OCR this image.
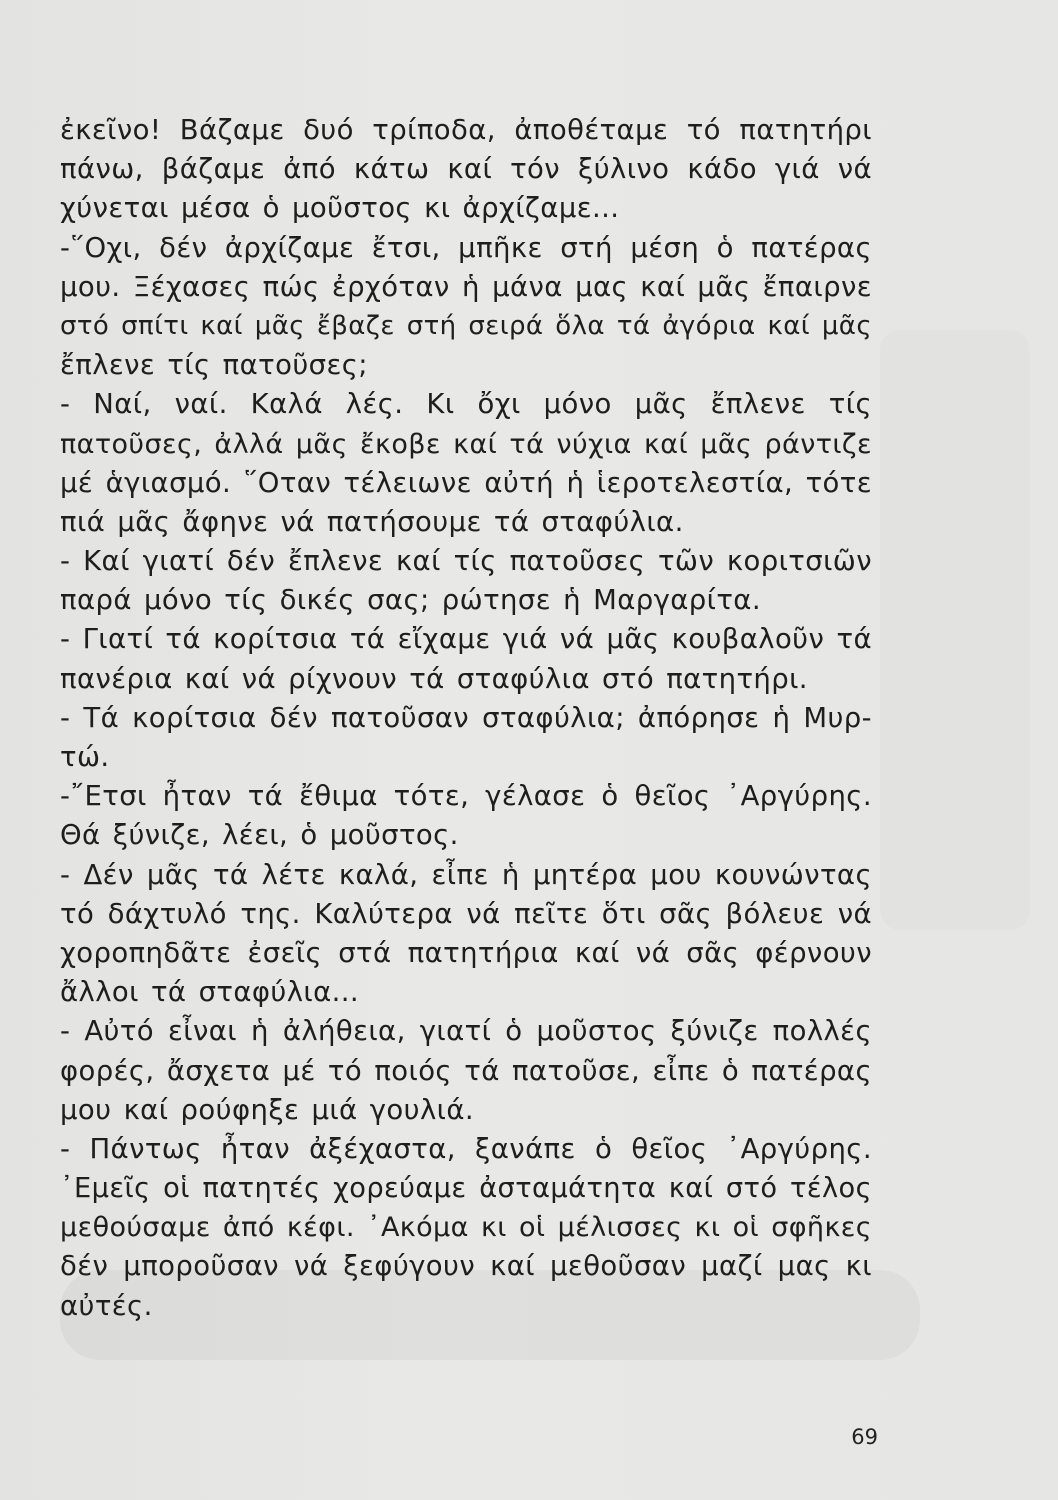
ἐκεῖνο! Βάζαμε δυό τρίποδα, ἀποθέταμε τό πατητήρι
πάνω, βάζαμε ἀπό κάτω καί τόν ξύλινο κάδο γιά νά
χύνεται μέσα ὁ μοῦστος κι ἀρχίζαμε...
-῞Οχι, δέν ἀρχίζαμε ἔτσι, μπῆκε στή μέση ὁ πατέρας
μου. Ξέχασες πώς ἐρχόταν ἡ μάνα μας καί μᾶς ἔπαιρνε
στό σπίτι καί μᾶς ἔβαζε στή σειρά ὅλα τά ἀγόρια καί μᾶς
ἔπλενε τίς πατοῦσες;
- Ναί, ναί. Καλά λές. Κι ὄχι μόνο μᾶς ἔπλενε τίς
πατοῦσες, ἀλλά μᾶς ἔκοβε καί τά νύχια καί μᾶς ράντιζε
μέ ἁγιασμό. ῞Οταν τέλειωνε αὐτή ἡ ἱεροτελεστία, τότε
πιά μᾶς ἄφηνε νά πατήσουμε τά σταφύλια.
- Καί γιατί δέν ἔπλενε καί τίς πατοῦσες τῶν κοριτσιῶν
παρά μόνο τίς δικές σας; ρώτησε ἡ Μαργαρίτα.
- Γιατί τά κορίτσια τά εἴχαμε γιά νά μᾶς κουβαλοῦν τά
πανέρια καί νά ρίχνουν τά σταφύλια στό πατητήρι.
- Τά κορίτσια δέν πατοῦσαν σταφύλια; ἀπόρησε ἡ Μυρ-
τώ.
-῎Ετσι ἦταν τά ἔθιμα τότε, γέλασε ὁ θεῖος ᾿Αργύρης.
Θά ξύνιζε, λέει, ὁ μοῦστος.
- Δέν μᾶς τά λέτε καλά, εἶπε ἡ μητέρα μου κουνώντας
τό δάχτυλό της. Καλύτερα νά πεῖτε ὅτι σᾶς βόλευε νά
χοροπηδᾶτε ἐσεῖς στά πατητήρια καί νά σᾶς φέρνουν
ἄλλοι τά σταφύλια...
- Αὐτό εἶναι ἡ ἀλήθεια, γιατί ὁ μοῦστος ξύνιζε πολλές
φορές, ἄσχετα μέ τό ποιός τά πατοῦσε, εἶπε ὁ πατέρας
μου καί ρούφηξε μιά γουλιά.
- Πάντως ἦταν ἀξέχαστα, ξανάπε ὁ θεῖος ᾿Αργύρης.
᾿Εμεῖς οἱ πατητές χορεύαμε ἀσταμάτητα καί στό τέλος
μεθούσαμε ἀπό κέφι. ᾿Ακόμα κι οἱ μέλισσες κι οἱ σφῆκες
δέν μποροῦσαν νά ξεφύγουν καί μεθοῦσαν μαζί μας κι
αὐτές.
69
